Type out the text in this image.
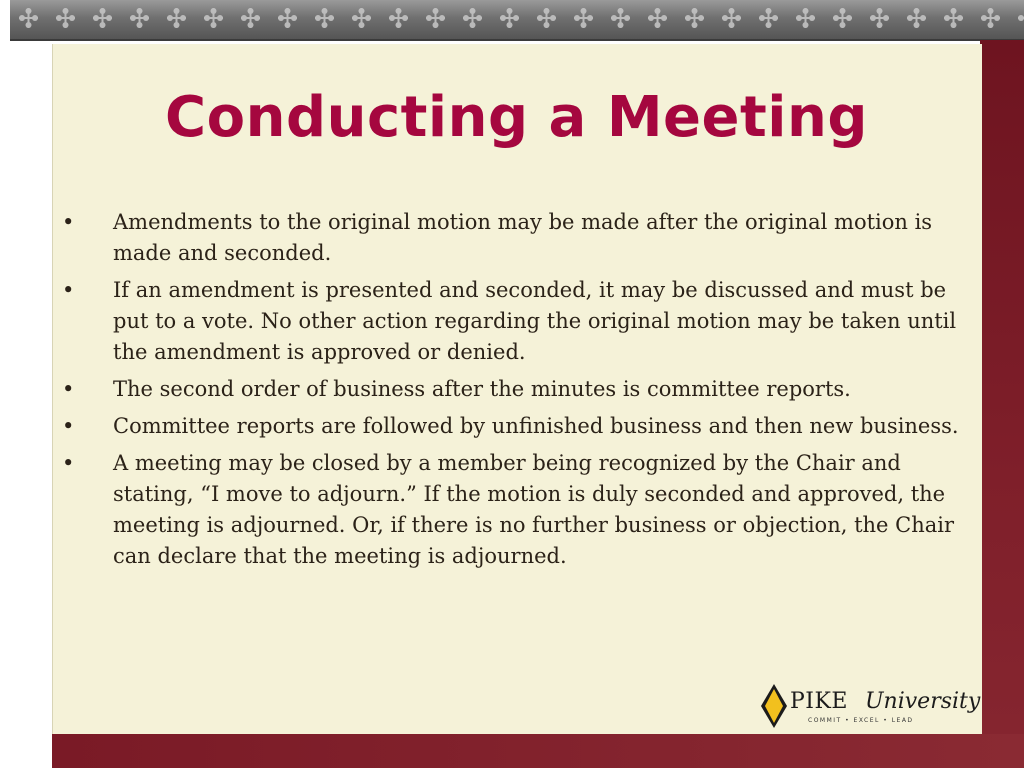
Conducting a Meeting
• Amendments to the original motion may be made after the original motion is made and seconded.
• If an amendment is presented and seconded, it may be discussed and must be put to a vote. No other action regarding the original motion may be taken until the amendment is approved or denied.
• The second order of business after the minutes is committee reports.
• Committee reports are followed by unfinished business and then new business.
• A meeting may be closed by a member being recognized by the Chair and stating, “I move to adjourn.” If the motion is duly seconded and approved, the meeting is adjourned. Or, if there is no further business or objection, the Chair can declare that the meeting is adjourned.
PIKE University
COMMIT • EXCEL • LEAD
